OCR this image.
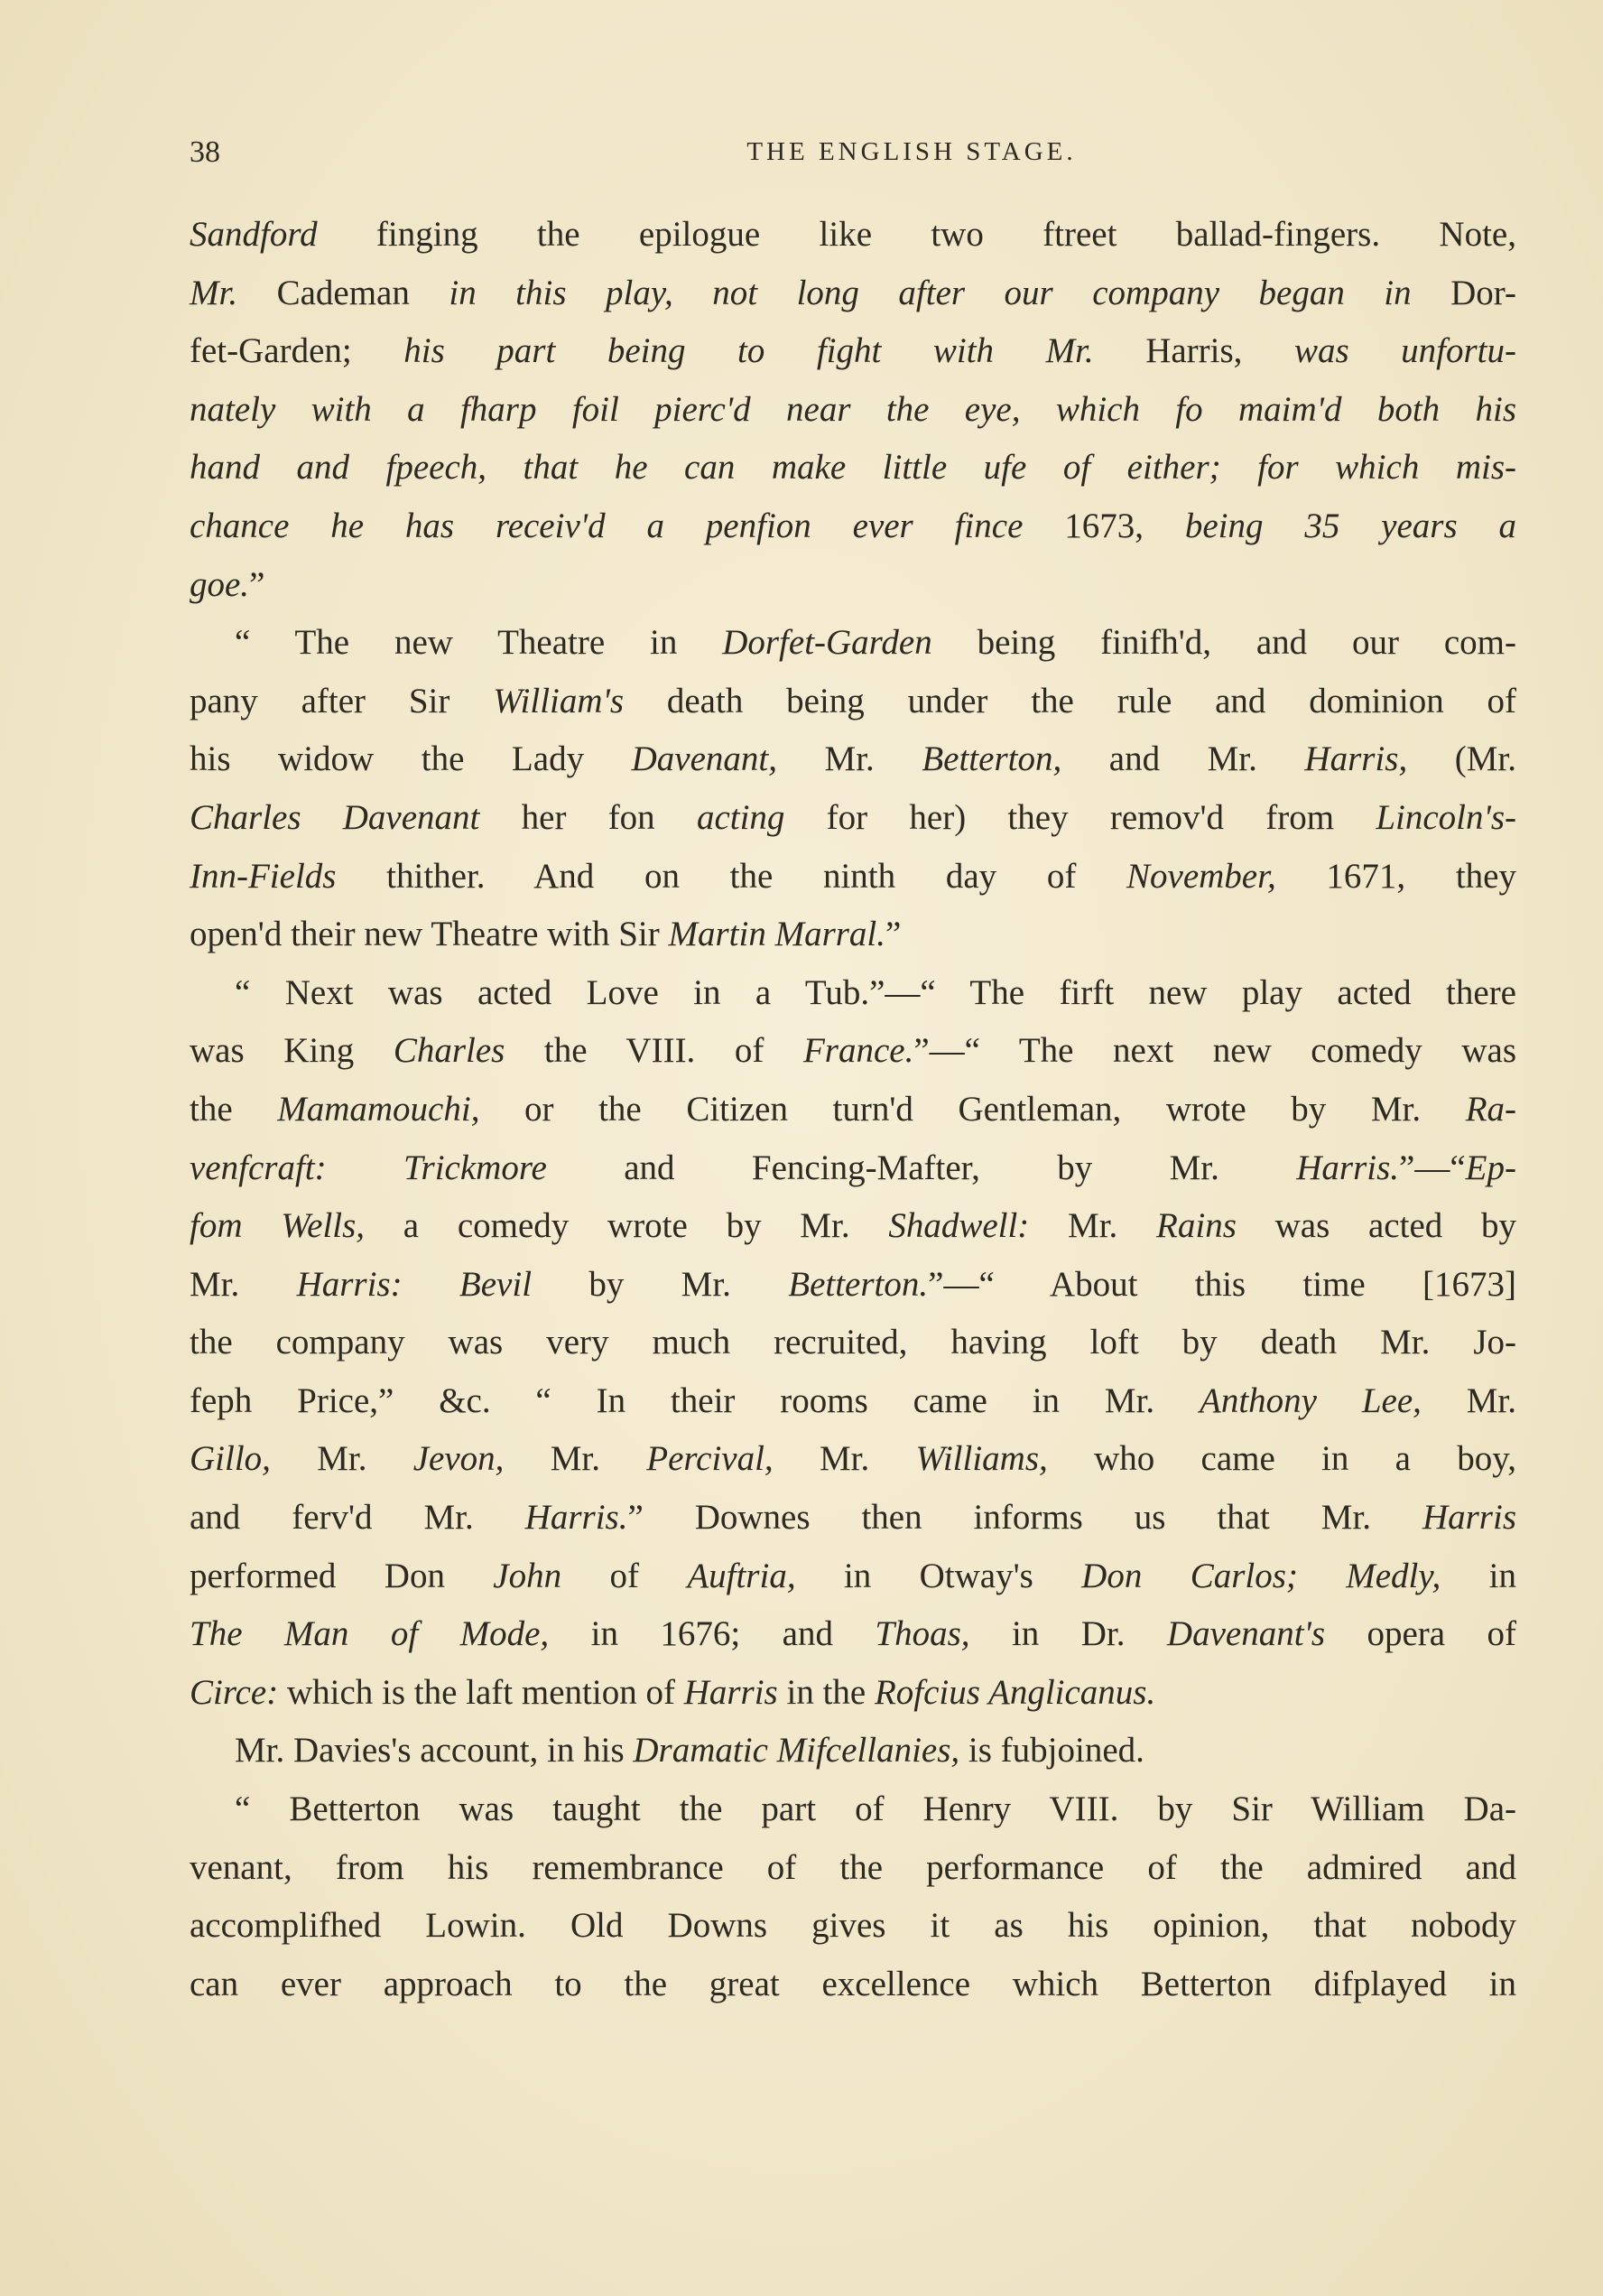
38	THE ENGLISH STAGE.
Sandford finging the epilogue like two ftreet ballad-fingers. Note,
Mr. Cademan in this play, not long after our company began in Dor-
fet-Garden; his part being to fight with Mr. Harris, was unfortu-
nately with a fharp foil pierc'd near the eye, which fo maim'd both his
hand and fpeech, that he can make little ufe of either; for which mis-
chance he has receiv'd a penfion ever fince 1673, being 35 years a
goe.”
“ The new Theatre in Dorfet-Garden being finifh'd, and our com-
pany after Sir William's death being under the rule and dominion of
his widow the Lady Davenant, Mr. Betterton, and Mr. Harris, (Mr.
Charles Davenant her fon acting for her) they remov'd from Lincoln's-
Inn-Fields thither. And on the ninth day of November, 1671, they
open'd their new Theatre with Sir Martin Marral.”
“ Next was acted Love in a Tub.”—“ The firft new play acted there
was King Charles the VIII. of France.”—“ The next new comedy was
the Mamamouchi, or the Citizen turn'd Gentleman, wrote by Mr. Ra-
venfcraft: Trickmore and Fencing-Mafter, by Mr. Harris.”—“Ep-
fom Wells, a comedy wrote by Mr. Shadwell: Mr. Rains was acted by
Mr. Harris: Bevil by Mr. Betterton.”—“ About this time [1673]
the company was very much recruited, having loft by death Mr. Jo-
feph Price,” &c. “ In their rooms came in Mr. Anthony Lee, Mr.
Gillo, Mr. Jevon, Mr. Percival, Mr. Williams, who came in a boy,
and ferv'd Mr. Harris.” Downes then informs us that Mr. Harris
performed Don John of Auftria, in Otway's Don Carlos; Medly, in
The Man of Mode, in 1676; and Thoas, in Dr. Davenant's opera of
Circe: which is the laft mention of Harris in the Rofcius Anglicanus.
Mr. Davies's account, in his Dramatic Mifcellanies, is fubjoined.
“ Betterton was taught the part of Henry VIII. by Sir William Da-
venant, from his remembrance of the performance of the admired and
accomplifhed Lowin. Old Downs gives it as his opinion, that nobody
can ever approach to the great excellence which Betterton difplayed in
